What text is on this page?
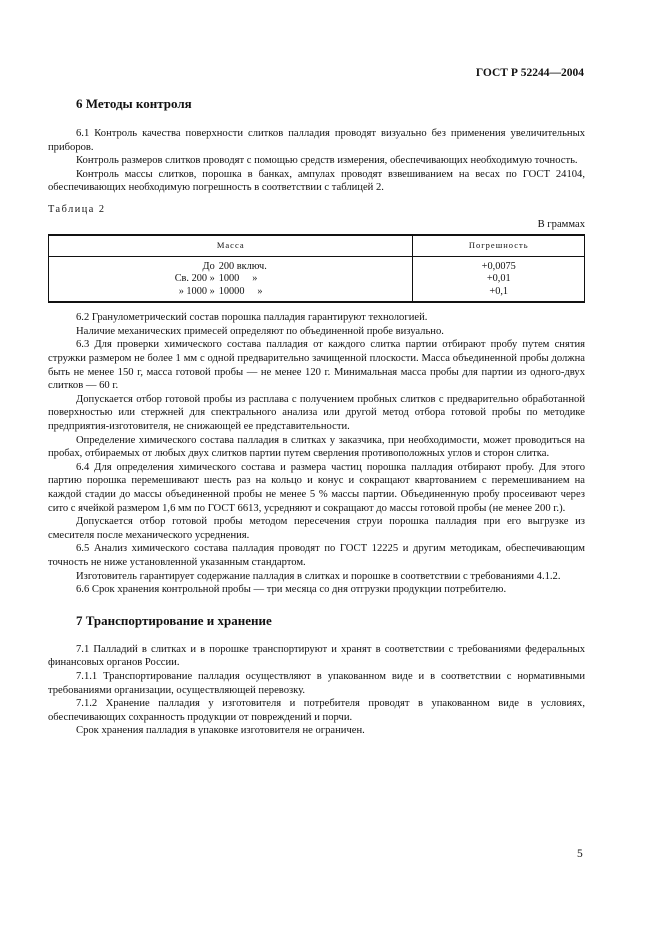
ГОСТ Р 52244—2004
6 Методы контроля

6.1 Контроль качества поверхности слитков палладия проводят визуально без применения увеличительных приборов.

Контроль размеров слитков проводят с помощью средств измерения, обеспечивающих необходимую точность.

Контроль массы слитков, порошка в банках, ампулах проводят взвешиванием на весах по ГОСТ 24104, обеспечивающих необходимую погрешность в соответствии с таблицей 2.

Таблица 2
В граммах
Масса	Погрешность

До 200 включ.	+0,0075

Св. 200 » 1000     »	+0,01

» 1000 » 10000     »	+0,1

6.2 Гранулометрический состав порошка палладия гарантируют технологией.

Наличие механических примесей определяют по объединенной пробе визуально.

6.3 Для проверки химического состава палладия от каждого слитка партии отбирают пробу путем снятия стружки размером не более 1 мм с одной предварительно зачищенной плоскости. Масса объединенной пробы должна быть не менее 150 г, масса готовой пробы — не менее 120 г. Минимальная масса пробы для партии из одного-двух слитков — 60 г.

Допускается отбор готовой пробы из расплава с получением пробных слитков с предварительно обработанной поверхностью или стержней для спектрального анализа или другой метод отбора готовой пробы по методике предприятия-изготовителя, не снижающей ее представительности.

Определение химического состава палладия в слитках у заказчика, при необходимости, может проводиться на пробах, отбираемых от любых двух слитков партии путем сверления противоположных углов и сторон слитка.

6.4 Для определения химического состава и размера частиц порошка палладия отбирают пробу. Для этого партию порошка перемешивают шесть раз на кольцо и конус и сокращают квартованием с перемешиванием на каждой стадии до массы объединенной пробы не менее 5 % массы партии. Объединенную пробу просеивают через сито с ячейкой размером 1,6 мм по ГОСТ 6613, усредняют и сокращают до массы готовой пробы (не менее 200 г.).

Допускается отбор готовой пробы методом пересечения струи порошка палладия при его выгрузке из смесителя после механического усреднения.

6.5 Анализ химического состава палладия проводят по ГОСТ 12225 и другим методикам, обеспечивающим точность не ниже установленной указанным стандартом.

Изготовитель гарантирует содержание палладия в слитках и порошке в соответствии с требованиями 4.1.2.

6.6 Срок хранения контрольной пробы — три месяца со дня отгрузки продукции потребителю.

7 Транспортирование и хранение

7.1 Палладий в слитках и в порошке транспортируют и хранят в соответствии с требованиями федеральных финансовых органов России.

7.1.1 Транспортирование палладия осуществляют в упакованном виде и в соответствии с нормативными требованиями организации, осуществляющей перевозку.

7.1.2 Хранение палладия у изготовителя и потребителя проводят в упакованном виде в условиях, обеспечивающих сохранность продукции от повреждений и порчи.

Срок хранения палладия в упаковке изготовителя не ограничен.

5
